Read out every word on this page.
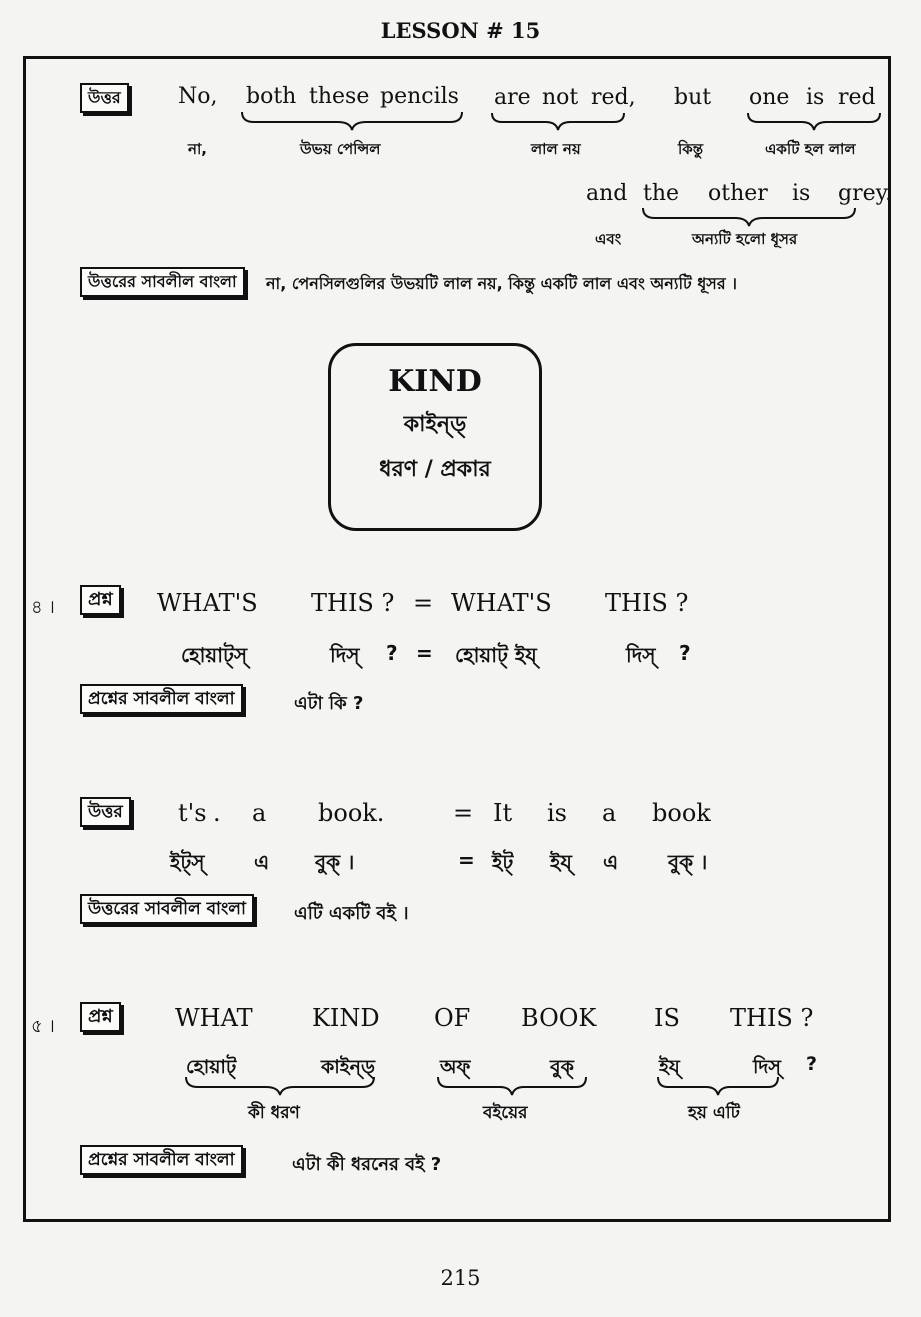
LESSON # 15
উত্তর	No, both these pencils are not red, but one is red
না,	উভয় পেন্সিল	লাল নয়	কিন্তু	একটি হল লাল
and the other is grey.
এবং	অন্যটি হলো ধূসর
উত্তরের সাবলীল বাংলা	না, পেনসিলগুলির উভয়টি লাল নয়, কিন্তু একটি লাল এবং অন্যটি ধূসর ।
KIND
কাইন্ড্
ধরণ / প্রকার
৪ ।	প্রশ্ন	WHAT'S THIS ? = WHAT'S THIS ?
হোয়াট্স্	দিস্ ? = হোয়াট্ ইয্	দিস্ ?
প্রশ্নের সাবলীল বাংলা	এটা কি ?
উত্তর	t's . a book.	= It is a book
ইট্স্ এ বুক্ ।	= ইট্ ইয্ এ বুক্ ।
উত্তরের সাবলীল বাংলা	এটি একটি বই ।
৫ ।	প্রশ্ন	WHAT KIND OF BOOK IS THIS ?
হোয়াট্	কাইন্ড্	অফ্	বুক্	ইয্	দিস্ ?
কী ধরণ	বইয়ের	হয় এটি
প্রশ্নের সাবলীল বাংলা	এটা কী ধরনের বই ?
215
